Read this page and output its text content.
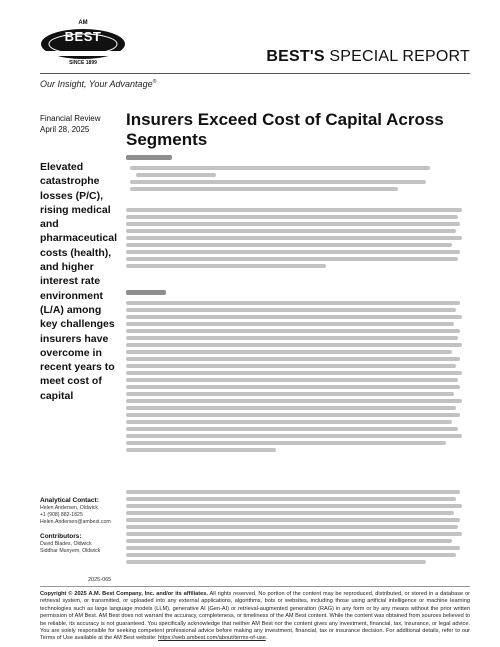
AM
BEST
SINCE 1899	BEST'S SPECIAL REPORT
Our Insight, Your Advantage®
Financial Review
April 28, 2025
Insurers Exceed Cost of Capital Across Segments
Elevated catastrophe losses (P/C), rising medical and pharmaceutical costs (health), and higher interest rate environment (L/A) among key challenges insurers have overcome in recent years to meet cost of capital
Analytical Contact:
Helen Andersen, Oldwick
+1 (908) 882-1825
Helen.Andersen@ambest.com
Contributors:
David Blades, Oldwick
Siddhar Munyem, Oldwick
2025-065
Copyright © 2025 A.M. Best Company, Inc. and/or its affiliates. All rights reserved. No portion of the content may be reproduced, distributed, or stored in a database or retrieval system, or transmitted, or uploaded into any external applications, algorithms, bots or websites, including those using artificial intelligence or machine learning technologies such as large language models (LLM), generative AI (Gen-AI) or retrieval-augmented generation (RAG) in any form or by any means without the prior written permission of AM Best. AM Best does not warrant the accuracy, completeness, or timeliness of the AM Best content. While the content was obtained from sources believed to be reliable, its accuracy is not guaranteed. You specifically acknowledge that neither AM Best nor the content gives any investment, financial, tax, insurance, or legal advice. You are solely responsible for seeking competent professional advice before making any investment, financial, tax or insurance decision. For additional details, refer to our Terms of Use available at the AM Best website: https://web.ambest.com/about/terms-of-use.
